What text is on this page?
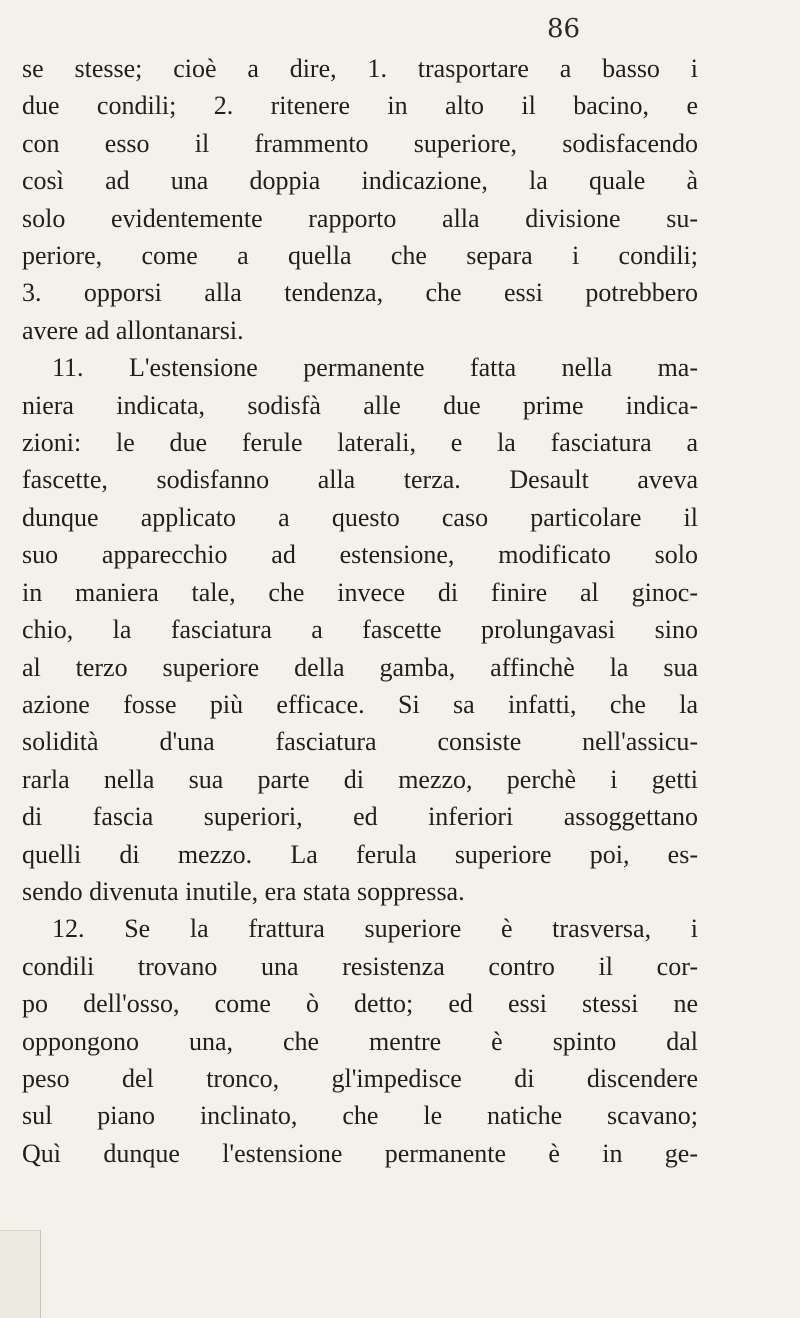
86
se stesse; cioè a dire, 1. trasportare a basso i
due condili; 2. ritenere in alto il bacino, e
con esso il frammento superiore, sodisfacendo
così ad una doppia indicazione, la quale à
solo evidentemente rapporto alla divisione su-
periore, come a quella che separa i condili;
3. opporsi alla tendenza, che essi potrebbero
avere ad allontanarsi.
11. L'estensione permanente fatta nella ma-
niera indicata, sodisfà alle due prime indica-
zioni: le due ferule laterali, e la fasciatura a
fascette, sodisfanno alla terza. Desault aveva
dunque applicato a questo caso particolare il
suo apparecchio ad estensione, modificato solo
in maniera tale, che invece di finire al ginoc-
chio, la fasciatura a fascette prolungavasi sino
al terzo superiore della gamba, affinchè la sua
azione fosse più efficace. Si sa infatti, che la
solidità d'una fasciatura consiste nell'assicu-
rarla nella sua parte di mezzo, perchè i getti
di fascia superiori, ed inferiori assoggettano
quelli di mezzo. La ferula superiore poi, es-
sendo divenuta inutile, era stata soppressa.
12. Se la frattura superiore è trasversa, i
condili trovano una resistenza contro il cor-
po dell'osso, come ò detto; ed essi stessi ne
oppongono una, che mentre è spinto dal
peso del tronco, gl'impedisce di discendere
sul piano inclinato, che le natiche scavano;
Quì dunque l'estensione permanente è in ge-
